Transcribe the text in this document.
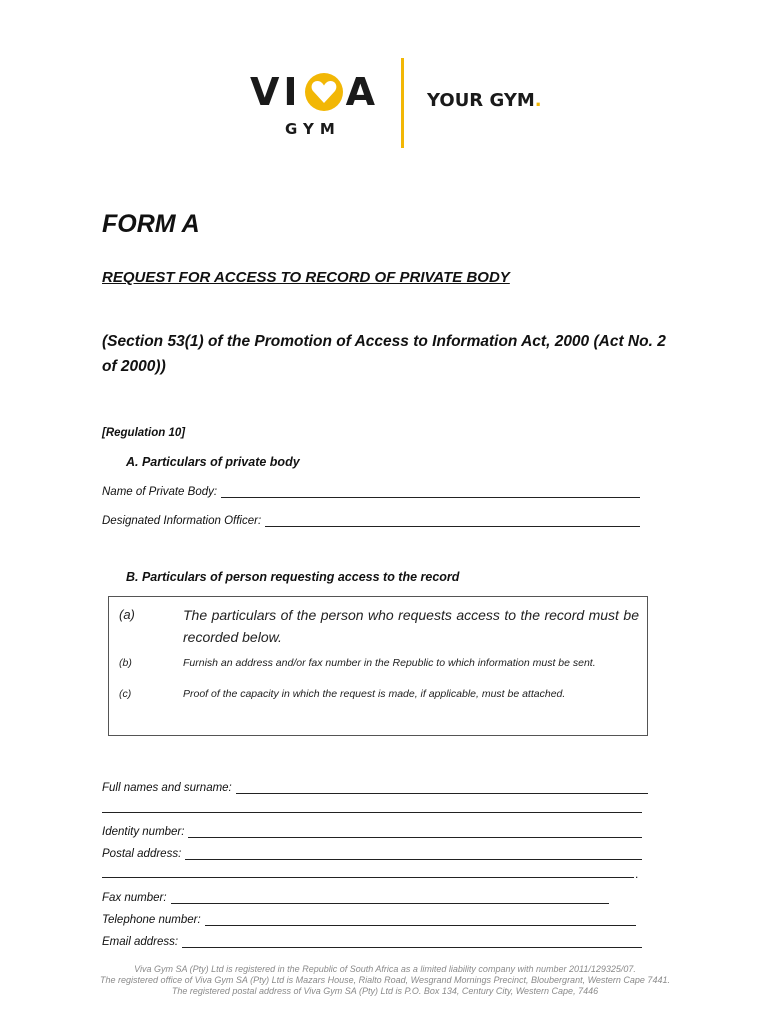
VI A
GYM
YOUR GYM.
FORM A
REQUEST FOR ACCESS TO RECORD OF PRIVATE BODY

(Section 53(1) of the Promotion of Access to Information Act, 2000 (Act No. 2 of 2000))

[Regulation 10]
A. Particulars of private body
Name of Private Body:
Designated Information Officer:
B. Particulars of person requesting access to the record
(a)	The particulars of the person who requests access to the record must be recorded below.
(b)	Furnish an address and/or fax number in the Republic to which information must be sent.
(c)	Proof of the capacity in which the request is made, if applicable, must be attached.
Full names and surname:
Identity number:
Postal address:
.
Fax number:
Telephone number:
Email address:

Viva Gym SA (Pty) Ltd is registered in the Republic of South Africa as a limited liability company with number 2011/129325/07.

The registered office of Viva Gym SA (Pty) Ltd is Mazars House, Rialto Road, Wesgrand Mornings Precinct, Bloubergrant, Western Cape 7441.

The registered postal address of Viva Gym SA (Pty) Ltd is P.O. Box 134, Century City, Western Cape, 7446
